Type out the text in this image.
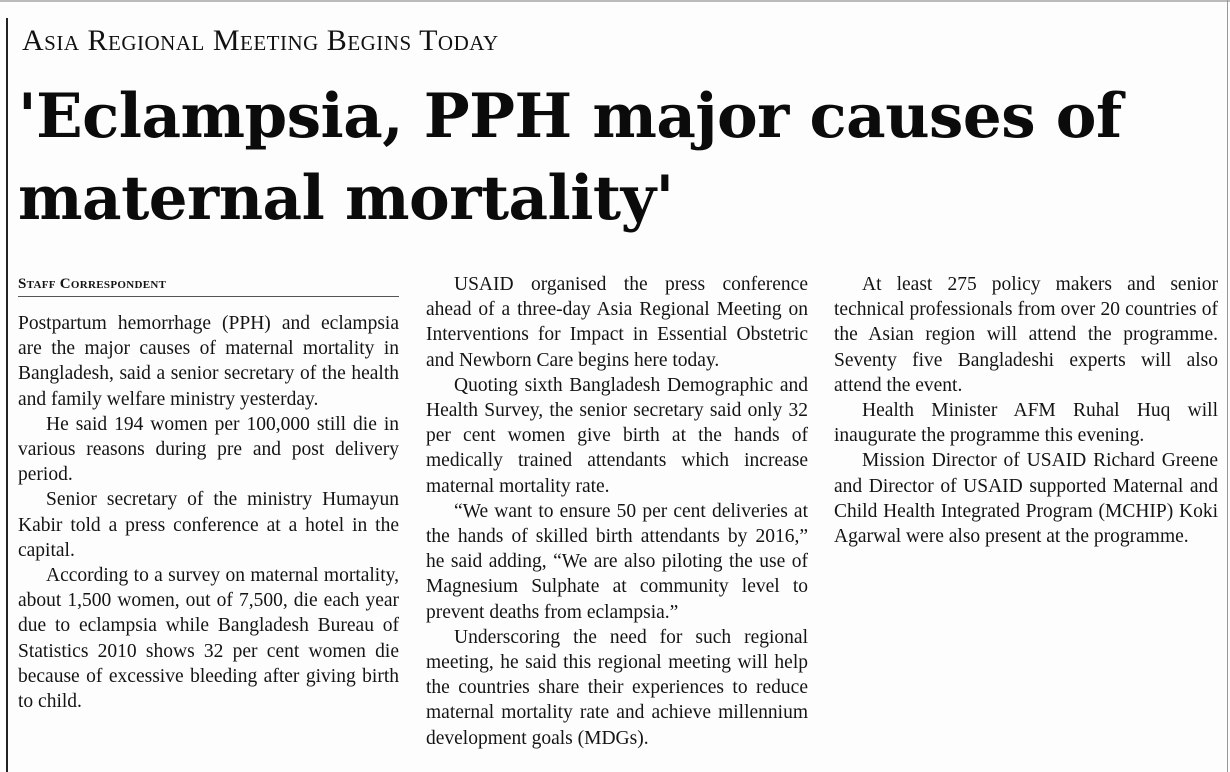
Asia Regional Meeting Begins Today
'Eclampsia, PPH major causes of maternal mortality'
Staff Correspondent

Postpartum hemorrhage (PPH) and eclampsia are the major causes of maternal mortality in Bangladesh, said a senior secretary of the health and family welfare ministry yesterday.

He said 194 women per 100,000 still die in various reasons during pre and post delivery period.

Senior secretary of the ministry Humayun Kabir told a press conference at a hotel in the capital.

According to a survey on maternal mortality, about 1,500 women, out of 7,500, die each year due to eclampsia while Bangladesh Bureau of Statistics 2010 shows 32 per cent women die because of excessive bleeding after giving birth to child.

USAID organised the press conference ahead of a three-day Asia Regional Meeting on Interventions for Impact in Essential Obstetric and Newborn Care begins here today.

Quoting sixth Bangladesh Demographic and Health Survey, the senior secretary said only 32 per cent women give birth at the hands of medically trained attendants which increase maternal mortality rate.

“We want to ensure 50 per cent deliveries at the hands of skilled birth attendants by 2016,” he said adding, “We are also piloting the use of Magnesium Sulphate at community level to prevent deaths from eclampsia.”

Underscoring the need for such regional meeting, he said this regional meeting will help the countries share their experiences to reduce maternal mortality rate and achieve millennium development goals (MDGs).

At least 275 policy makers and senior technical professionals from over 20 countries of the Asian region will attend the programme. Seventy five Bangladeshi experts will also attend the event.

Health Minister AFM Ruhal Huq will inaugurate the programme this evening.

Mission Director of USAID Richard Greene and Director of USAID supported Maternal and Child Health Integrated Program (MCHIP) Koki Agarwal were also present at the programme.
